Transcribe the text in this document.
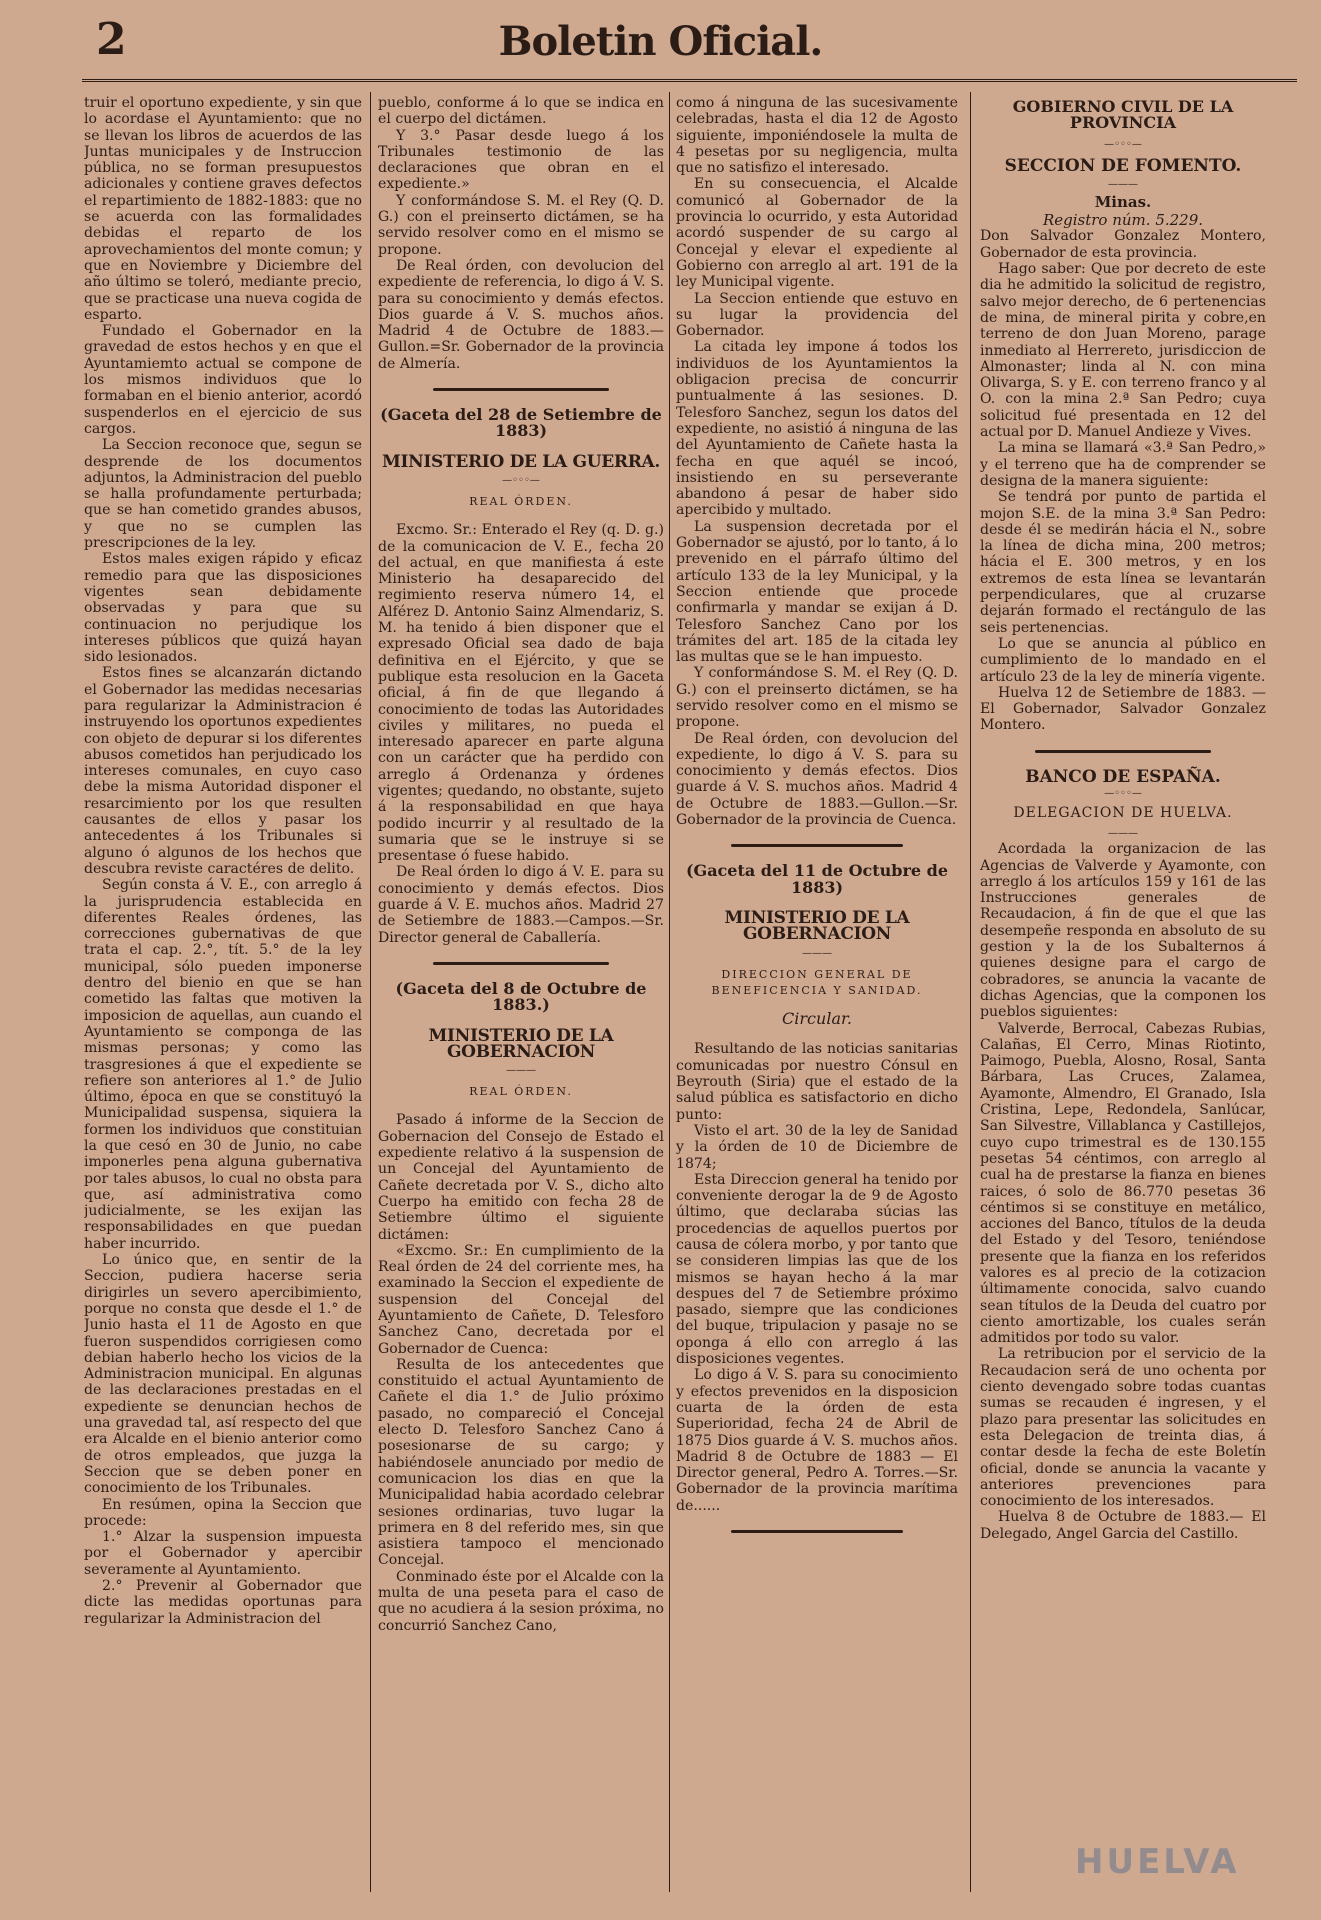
2	Boletin Oficial.

truir el oportuno expediente, y sin que lo acordase el Ayuntamiento: que no se llevan los libros de acuerdos de las Juntas municipales y de Instruccion pública, no se forman presupuestos adicionales y contiene graves defectos el repartimiento de 1882-1883: que no se acuerda con las formalidades debidas el reparto de los aprovechamientos del monte comun; y que en Noviembre y Diciembre del año último se toleró, mediante precio, que se practicase una nueva cogida de esparto.

Fundado el Gobernador en la gravedad de estos hechos y en que el Ayuntamiemto actual se compone de los mismos individuos que lo formaban en el bienio anterior, acordó suspenderlos en el ejercicio de sus cargos.

La Seccion reconoce que, segun se desprende de los documentos adjuntos, la Administracion del pueblo se halla profundamente perturbada; que se han cometido grandes abusos, y que no se cumplen las prescripciones de la ley.

Estos males exigen rápido y eficaz remedio para que las disposiciones vigentes sean debidamente observadas y para que su continuacion no perjudique los intereses públicos que quizá hayan sido lesionados.

Estos fines se alcanzarán dictando el Gobernador las medidas necesarias para regularizar la Administracion é instruyendo los oportunos expedientes con objeto de depurar si los diferentes abusos cometidos han perjudicado los intereses comunales, en cuyo caso debe la misma Autoridad disponer el resarcimiento por los que resulten causantes de ellos y pasar los antecedentes á los Tribunales si alguno ó algunos de los hechos que descubra reviste caractéres de delito.

Según consta á V. E., con arreglo á la jurisprudencia establecida en diferentes Reales órdenes, las correcciones gubernativas de que trata el cap. 2.°, tít. 5.° de la ley municipal, sólo pueden imponerse dentro del bienio en que se han cometido las faltas que motiven la imposicion de aquellas, aun cuando el Ayuntamiento se componga de las mismas personas; y como las trasgresiones á que el expediente se refiere son anteriores al 1.° de Julio último, época en que se constituyó la Municipalidad suspensa, siquiera la formen los individuos que constituian la que cesó en 30 de Junio, no cabe imponerles pena alguna gubernativa por tales abusos, lo cual no obsta para que, así administrativa como judicialmente, se les exijan las responsabilidades en que puedan haber incurrido.

Lo único que, en sentir de la Seccion, pudiera hacerse seria dirigirles un severo apercibimiento, porque no consta que desde el 1.° de Junio hasta el 11 de Agosto en que fueron suspendidos corrigiesen como debian haberlo hecho los vicios de la Administracion municipal. En algunas de las declaraciones prestadas en el expediente se denuncian hechos de una gravedad tal, así respecto del que era Alcalde en el bienio anterior como de otros empleados, que juzga la Seccion que se deben poner en conocimiento de los Tribunales.

En resúmen, opina la Seccion que procede:

1.° Alzar la suspension impuesta por el Gobernador y apercibir severamente al Ayuntamiento.

2.° Prevenir al Gobernador que dicte las medidas oportunas para regularizar la Administracion del

pueblo, conforme á lo que se indica en el cuerpo del dictámen.

Y 3.° Pasar desde luego á los Tribunales testimonio de las declaraciones que obran en el expediente.»

Y conformándose S. M. el Rey (Q. D. G.) con el preinserto dictámen, se ha servido resolver como en el mismo se propone.

De Real órden, con devolucion del expediente de referencia, lo digo á V. S. para su conocimiento y demás efectos. Dios guarde á V. S. muchos años. Madrid 4 de Octubre de 1883.—Gullon.=Sr. Gobernador de la provincia de Almería.

(Gaceta del 28 de Setiembre de 1883)

MINISTERIO DE LA GUERRA.

—◦◦◦—

REAL ÓRDEN.

Excmo. Sr.: Enterado el Rey (q. D. g.) de la comunicacion de V. E., fecha 20 del actual, en que manifiesta á este Ministerio ha desaparecido del regimiento reserva número 14, el Alférez D. Antonio Sainz Almendariz, S. M. ha tenido á bien disponer que el expresado Oficial sea dado de baja definitiva en el Ejército, y que se publique esta resolucion en la Gaceta oficial, á fin de que llegando á conocimiento de todas las Autoridades civiles y militares, no pueda el interesado aparecer en parte alguna con un carácter que ha perdido con arreglo á Ordenanza y órdenes vigentes; quedando, no obstante, sujeto á la responsabilidad en que haya podido incurrir y al resultado de la sumaria que se le instruye si se presentase ó fuese habido.

De Real órden lo digo á V. E. para su conocimiento y demás efectos. Dios guarde á V. E. muchos años. Madrid 27 de Setiembre de 1883.—Campos.—Sr. Director general de Caballería.

(Gaceta del 8 de Octubre de 1883.)

MINISTERIO DE LA GOBERNACION

———

REAL ÓRDEN.

Pasado á informe de la Seccion de Gobernacion del Consejo de Estado el expediente relativo á la suspension de un Concejal del Ayuntamiento de Cañete decretada por V. S., dicho alto Cuerpo ha emitido con fecha 28 de Setiembre último el siguiente dictámen:

«Excmo. Sr.: En cumplimiento de la Real órden de 24 del corriente mes, ha examinado la Seccion el expediente de suspension del Concejal del Ayuntamiento de Cañete, D. Telesforo Sanchez Cano, decretada por el Gobernador de Cuenca:

Resulta de los antecedentes que constituido el actual Ayuntamiento de Cañete el dia 1.° de Julio próximo pasado, no compareció el Concejal electo D. Telesforo Sanchez Cano á posesionarse de su cargo; y habiéndosele anunciado por medio de comunicacion los dias en que la Municipalidad habia acordado celebrar sesiones ordinarias, tuvo lugar la primera en 8 del referido mes, sin que asistiera tampoco el mencionado Concejal.

Conminado éste por el Alcalde con la multa de una peseta para el caso de que no acudiera á la sesion próxima, no concurrió Sanchez Cano,

como á ninguna de las sucesivamente celebradas, hasta el dia 12 de Agosto siguiente, imponiéndosele la multa de 4 pesetas por su negligencia, multa que no satisfizo el interesado.

En su consecuencia, el Alcalde comunicó al Gobernador de la provincia lo ocurrido, y esta Autoridad acordó suspender de su cargo al Concejal y elevar el expediente al Gobierno con arreglo al art. 191 de la ley Municipal vigente.

La Seccion entiende que estuvo en su lugar la providencia del Gobernador.

La citada ley impone á todos los individuos de los Ayuntamientos la obligacion precisa de concurrir puntualmente á las sesiones. D. Telesforo Sanchez, segun los datos del expediente, no asistió á ninguna de las del Ayuntamiento de Cañete hasta la fecha en que aquél se incoó, insistiendo en su perseverante abandono á pesar de haber sido apercibido y multado.

La suspension decretada por el Gobernador se ajustó, por lo tanto, á lo prevenido en el párrafo último del artículo 133 de la ley Municipal, y la Seccion entiende que procede confirmarla y mandar se exijan á D. Telesforo Sanchez Cano por los trámites del art. 185 de la citada ley las multas que se le han impuesto.

Y conformándose S. M. el Rey (Q. D. G.) con el preinserto dictámen, se ha servido resolver como en el mismo se propone.

De Real órden, con devolucion del expediente, lo digo á V. S. para su conocimiento y demás efectos. Dios guarde á V. S. muchos años. Madrid 4 de Octubre de 1883.—Gullon.—Sr. Gobernador de la provincia de Cuenca.

(Gaceta del 11 de Octubre de 1883)

MINISTERIO DE LA GOBERNACION

———

DIRECCION GENERAL DE BENEFICENCIA Y SANIDAD.

Circular.

Resultando de las noticias sanitarias comunicadas por nuestro Cónsul en Beyrouth (Siria) que el estado de la salud pública es satisfactorio en dicho punto:

Visto el art. 30 de la ley de Sanidad y la órden de 10 de Diciembre de 1874;

Esta Direccion general ha tenido por conveniente derogar la de 9 de Agosto último, que declaraba súcias las procedencias de aquellos puertos por causa de cólera morbo, y por tanto que se consideren limpias las que de los mismos se hayan hecho á la mar despues del 7 de Setiembre próximo pasado, siempre que las condiciones del buque, tripulacion y pasaje no se oponga á ello con arreglo á las disposiciones vegentes.

Lo digo á V. S. para su conocimiento y efectos prevenidos en la disposicion cuarta de la órden de esta Superioridad, fecha 24 de Abril de 1875 Dios guarde á V. S. muchos años. Madrid 8 de Octubre de 1883 — El Director general, Pedro A. Torres.—Sr. Gobernador de la provincia marítima de......

GOBIERNO CIVIL DE LA PROVINCIA

—◦◦◦—

SECCION DE FOMENTO.

———

Minas.

Registro núm. 5.229.

Don Salvador Gonzalez Montero, Gobernador de esta provincia.

Hago saber: Que por decreto de este dia he admitido la solicitud de registro, salvo mejor derecho, de 6 pertenencias de mina, de mineral pirita y cobre,en terreno de don Juan Moreno, parage inmediato al Herrereto, jurisdiccion de Almonaster; linda al N. con mina Olivarga, S. y E. con terreno franco y al O. con la mina 2.ª San Pedro; cuya solicitud fué presentada en 12 del actual por D. Manuel Andieze y Vives.

La mina se llamará «3.ª San Pedro,» y el terreno que ha de comprender se designa de la manera siguiente:

Se tendrá por punto de partida el mojon S.E. de la mina 3.ª San Pedro: desde él se medirán hácia el N., sobre la línea de dicha mina, 200 metros; hácia el E. 300 metros, y en los extremos de esta línea se levantarán perpendiculares, que al cruzarse dejarán formado el rectángulo de las seis pertenencias.

Lo que se anuncia al público en cumplimiento de lo mandado en el artículo 23 de la ley de minería vigente.

Huelva 12 de Setiembre de 1883. —El Gobernador, Salvador Gonzalez Montero.

BANCO DE ESPAÑA.

—◦◦◦—

DELEGACION DE HUELVA.

———

Acordada la organizacion de las Agencias de Valverde y Ayamonte, con arreglo á los artículos 159 y 161 de las Instrucciones generales de Recaudacion, á fin de que el que las desempeñe responda en absoluto de su gestion y la de los Subalternos á quienes designe para el cargo de cobradores, se anuncia la vacante de dichas Agencias, que la componen los pueblos siguientes:

Valverde, Berrocal, Cabezas Rubias, Calañas, El Cerro, Minas Riotinto, Paimogo, Puebla, Alosno, Rosal, Santa Bárbara, Las Cruces, Zalamea, Ayamonte, Almendro, El Granado, Isla Cristina, Lepe, Redondela, Sanlúcar, San Silvestre, Villablanca y Castillejos, cuyo cupo trimestral es de 130.155 pesetas 54 céntimos, con arreglo al cual ha de prestarse la fianza en bienes raices, ó solo de 86.770 pesetas 36 céntimos si se constituye en metálico, acciones del Banco, títulos de la deuda del Estado y del Tesoro, teniéndose presente que la fianza en los referidos valores es al precio de la cotizacion últimamente conocida, salvo cuando sean títulos de la Deuda del cuatro por ciento amortizable, los cuales serán admitidos por todo su valor.

La retribucion por el servicio de la Recaudacion será de uno ochenta por ciento devengado sobre todas cuantas sumas se recauden é ingresen, y el plazo para presentar las solicitudes en esta Delegacion de treinta dias, á contar desde la fecha de este Boletín oficial, donde se anuncia la vacante y anteriores prevenciones para conocimiento de los interesados.

Huelva 8 de Octubre de 1883.— El Delegado, Angel Garcia del Castillo.

HUELVA
